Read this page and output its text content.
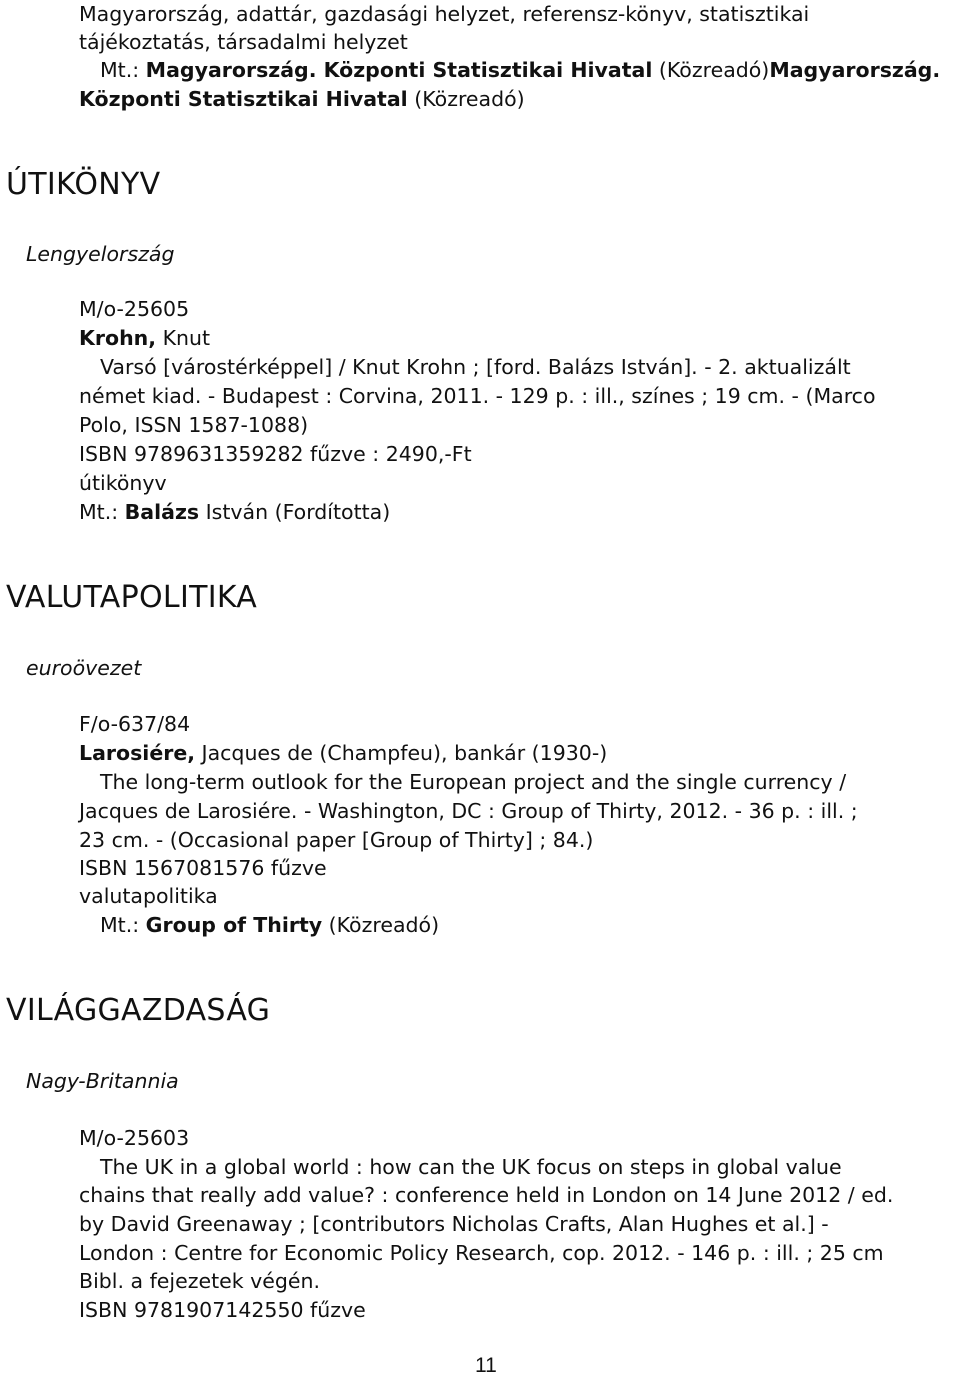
Magyarország, adattár, gazdasági helyzet, referensz-könyv, statisztikai
tájékoztatás, társadalmi helyzet
Mt.: Magyarország. Központi Statisztikai Hivatal (Közreadó)Magyarország.
Központi Statisztikai Hivatal (Közreadó)
ÚTIKÖNYV
Lengyelország
M/o-25605
Krohn, Knut
Varsó [várostérképpel] / Knut Krohn ; [ford. Balázs István]. - 2. aktualizált
német kiad. - Budapest : Corvina, 2011. - 129 p. : ill., színes ; 19 cm. - (Marco
Polo, ISSN 1587-1088)
ISBN 9789631359282 fűzve : 2490,-Ft
útikönyv
Mt.: Balázs István (Fordította)
VALUTAPOLITIKA
euroövezet
F/o-637/84
Larosiére, Jacques de (Champfeu), bankár (1930-)
The long-term outlook for the European project and the single currency /
Jacques de Larosiére. - Washington, DC : Group of Thirty, 2012. - 36 p. : ill. ;
23 cm. - (Occasional paper [Group of Thirty] ; 84.)
ISBN 1567081576 fűzve
valutapolitika
Mt.: Group of Thirty (Közreadó)
VILÁGGAZDASÁG
Nagy-Britannia
M/o-25603
The UK in a global world : how can the UK focus on steps in global value
chains that really add value? : conference held in London on 14 June 2012 / ed.
by David Greenaway ; [contributors Nicholas Crafts, Alan Hughes et al.] -
London : Centre for Economic Policy Research, cop. 2012. - 146 p. : ill. ; 25 cm
Bibl. a fejezetek végén.
ISBN 9781907142550 fűzve
11
